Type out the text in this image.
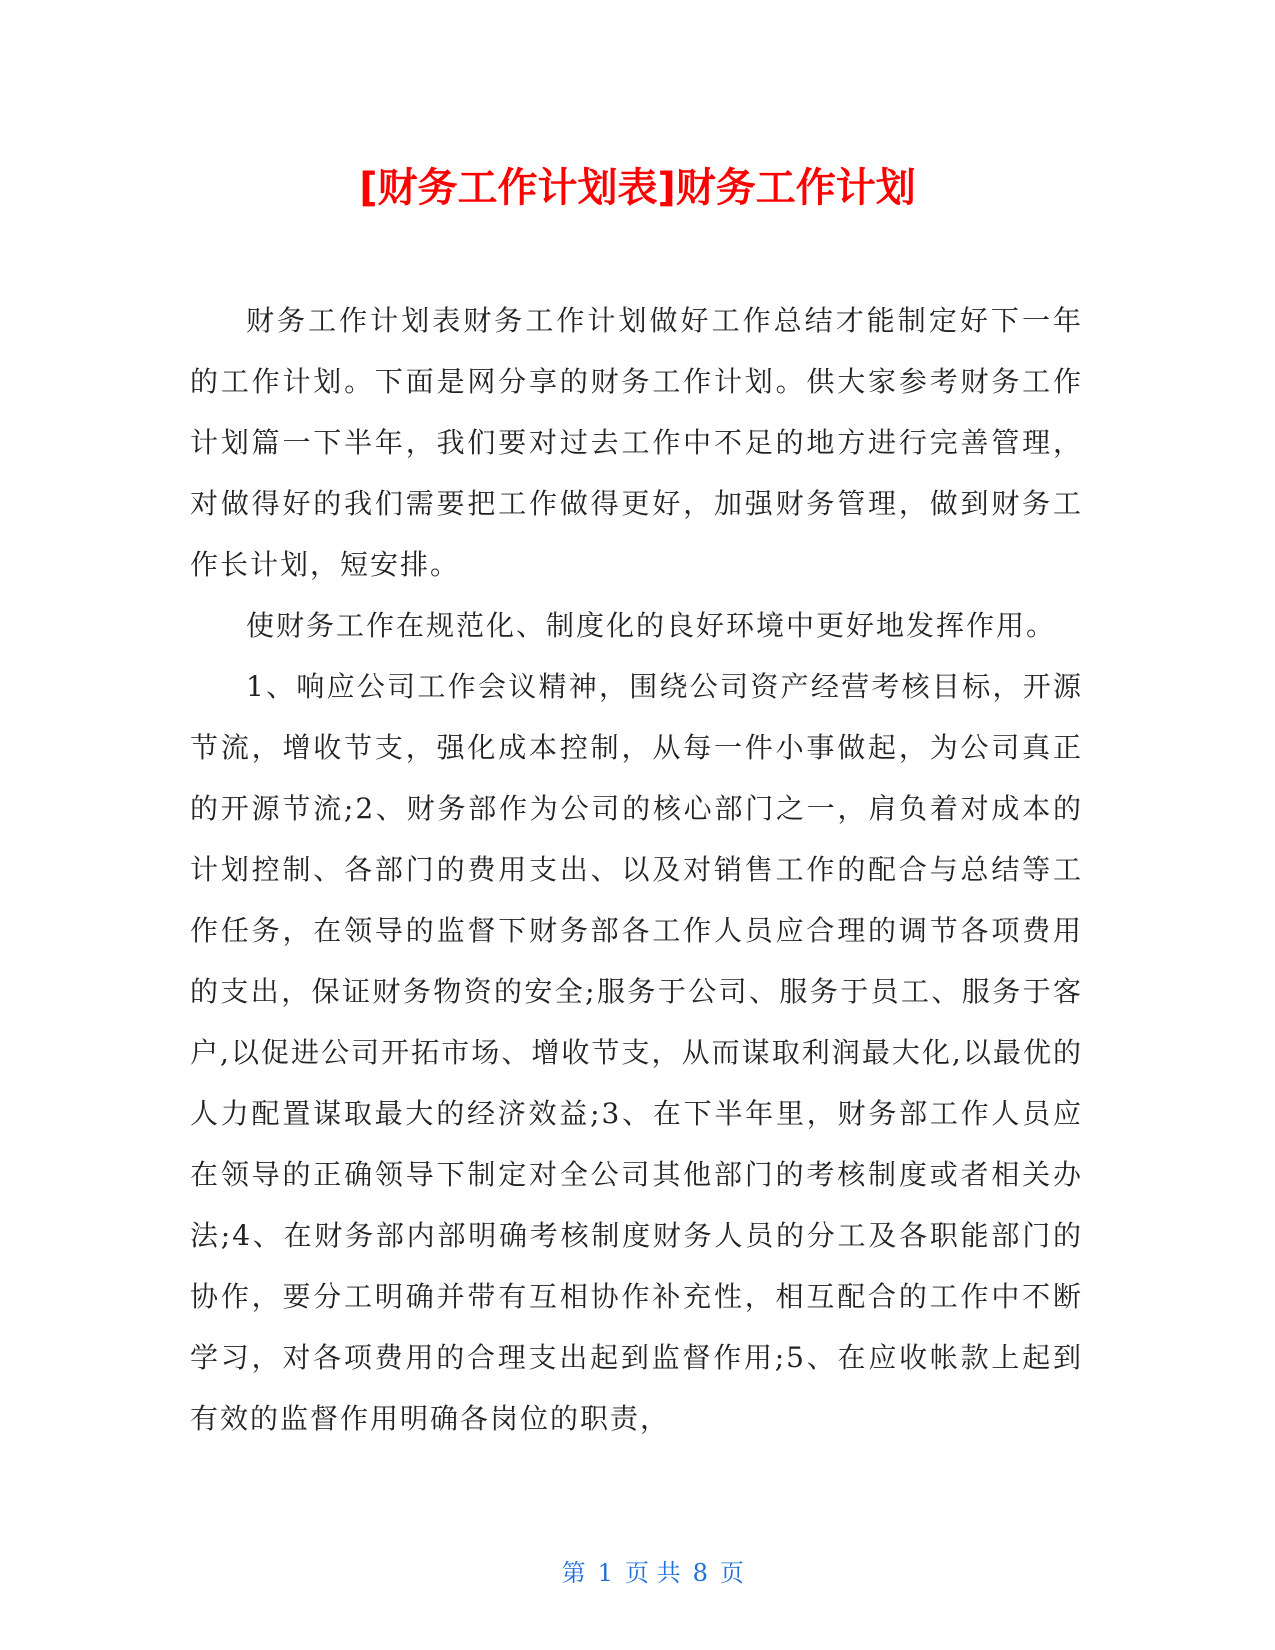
[财务工作计划表]财务工作计划

财务工作计划表财务工作计划做好工作总结才能制定好下一年的工作计划。下面是网分享的财务工作计划。供大家参考财务工作计划篇一下半年，我们要对过去工作中不足的地方进行完善管理，对做得好的我们需要把工作做得更好，加强财务管理，做到财务工作长计划，短安排。

使财务工作在规范化、制度化的良好环境中更好地发挥作用。

1、响应公司工作会议精神，围绕公司资产经营考核目标，开源节流，增收节支，强化成本控制，从每一件小事做起，为公司真正的开源节流;2、财务部作为公司的核心部门之一，肩负着对成本的计划控制、各部门的费用支出、以及对销售工作的配合与总结等工作任务，在领导的监督下财务部各工作人员应合理的调节各项费用的支出，保证财务物资的安全;服务于公司、服务于员工、服务于客户,以促进公司开拓市场、增收节支，从而谋取利润最大化,以最优的人力配置谋取最大的经济效益;3、在下半年里，财务部工作人员应在领导的正确领导下制定对全公司其他部门的考核制度或者相关办法;4、在财务部内部明确考核制度财务人员的分工及各职能部门的协作，要分工明确并带有互相协作补充性，相互配合的工作中不断学习，对各项费用的合理支出起到监督作用;5、在应收帐款上起到有效的监督作用明确各岗位的职责，

第 1 页 共 8 页
